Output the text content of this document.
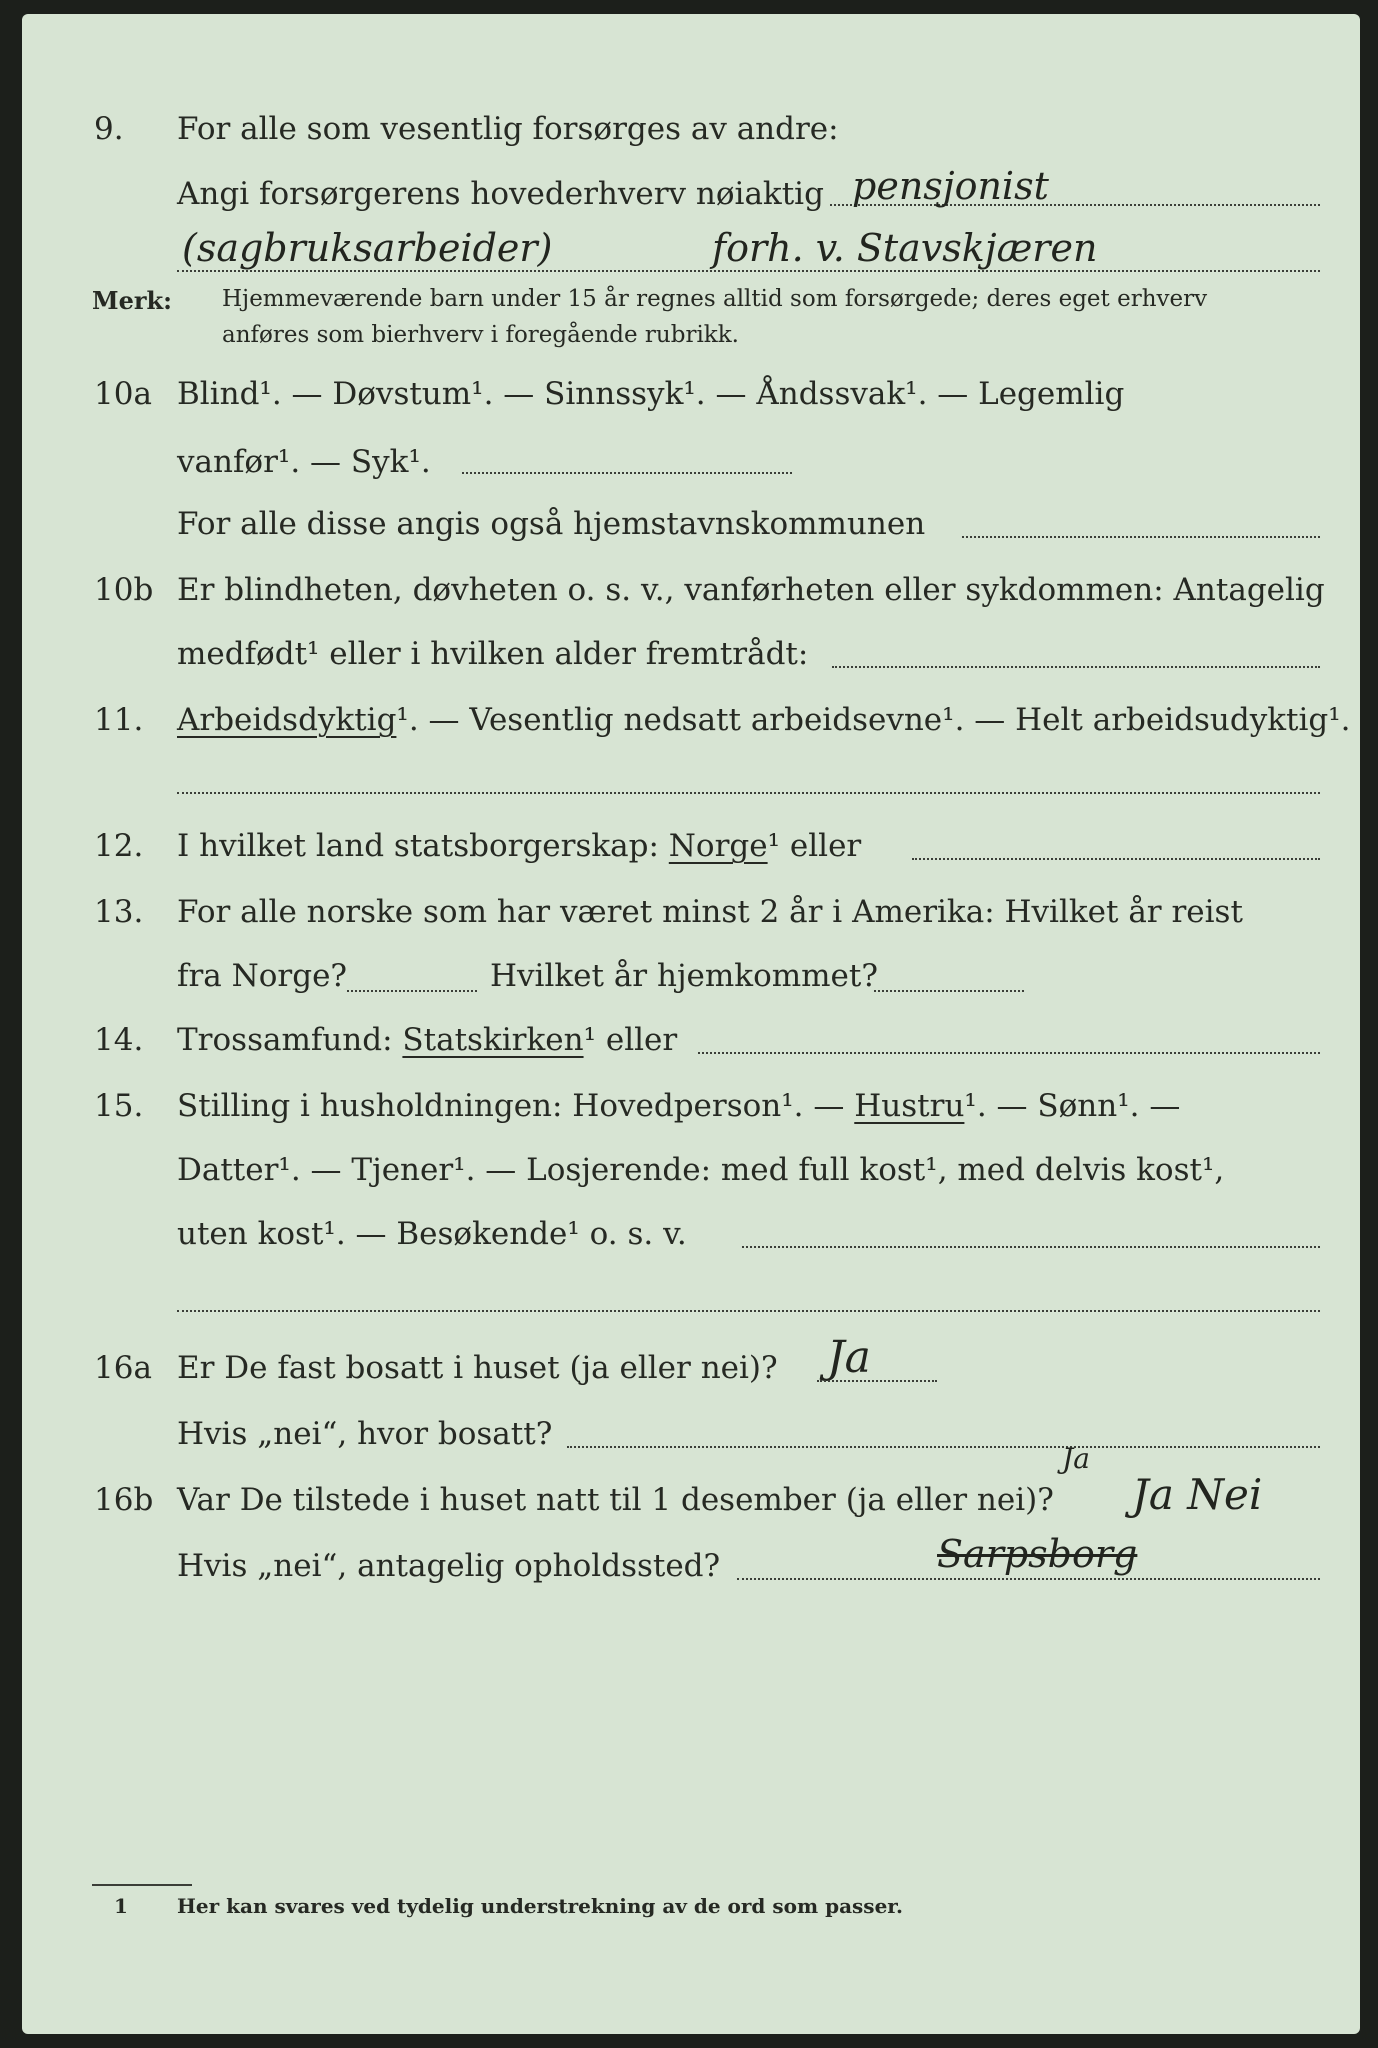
9. For alle som vesentlig forsørges av andre:
Angi forsørgerens hovederhverv nøiaktig pensjonist
(sagbruksarbeider)	forh. v. Stavskjæren
Merk: Hjemmeværende barn under 15 år regnes alltid som forsørgede; deres eget erhverv
anføres som bierhverv i foregående rubrikk.
10a Blind¹. — Døvstum¹. — Sinnssyk¹. — Åndssvak¹. — Legemlig
vanfør¹. — Syk¹.
For alle disse angis også hjemstavnskommunen
10b Er blindheten, døvheten o. s. v., vanførheten eller sykdommen: Antagelig
medfødt¹ eller i hvilken alder fremtrådt:
11. Arbeidsdyktig¹. — Vesentlig nedsatt arbeidsevne¹. — Helt arbeidsudyktig¹.
12. I hvilket land statsborgerskap: Norge¹ eller
13. For alle norske som har været minst 2 år i Amerika: Hvilket år reist
fra Norge?	Hvilket år hjemkommet?
14. Trossamfund: Statskirken¹ eller
15. Stilling i husholdningen: Hovedperson¹. — Hustru¹. — Sønn¹. —
Datter¹. — Tjener¹. — Losjerende: med full kost¹, med delvis kost¹,
uten kost¹. — Besøkende¹ o. s. v.
16a Er De fast bosatt i huset (ja eller nei)? Ja
Hvis „nei“, hvor bosatt?
16b Var De tilstede i huset natt til 1 desember (ja eller nei)?
Ja
Ja Nei
Hvis „nei“, antagelig opholdssted?	Sarpsborg
1 Her kan svares ved tydelig understrekning av de ord som passer.
